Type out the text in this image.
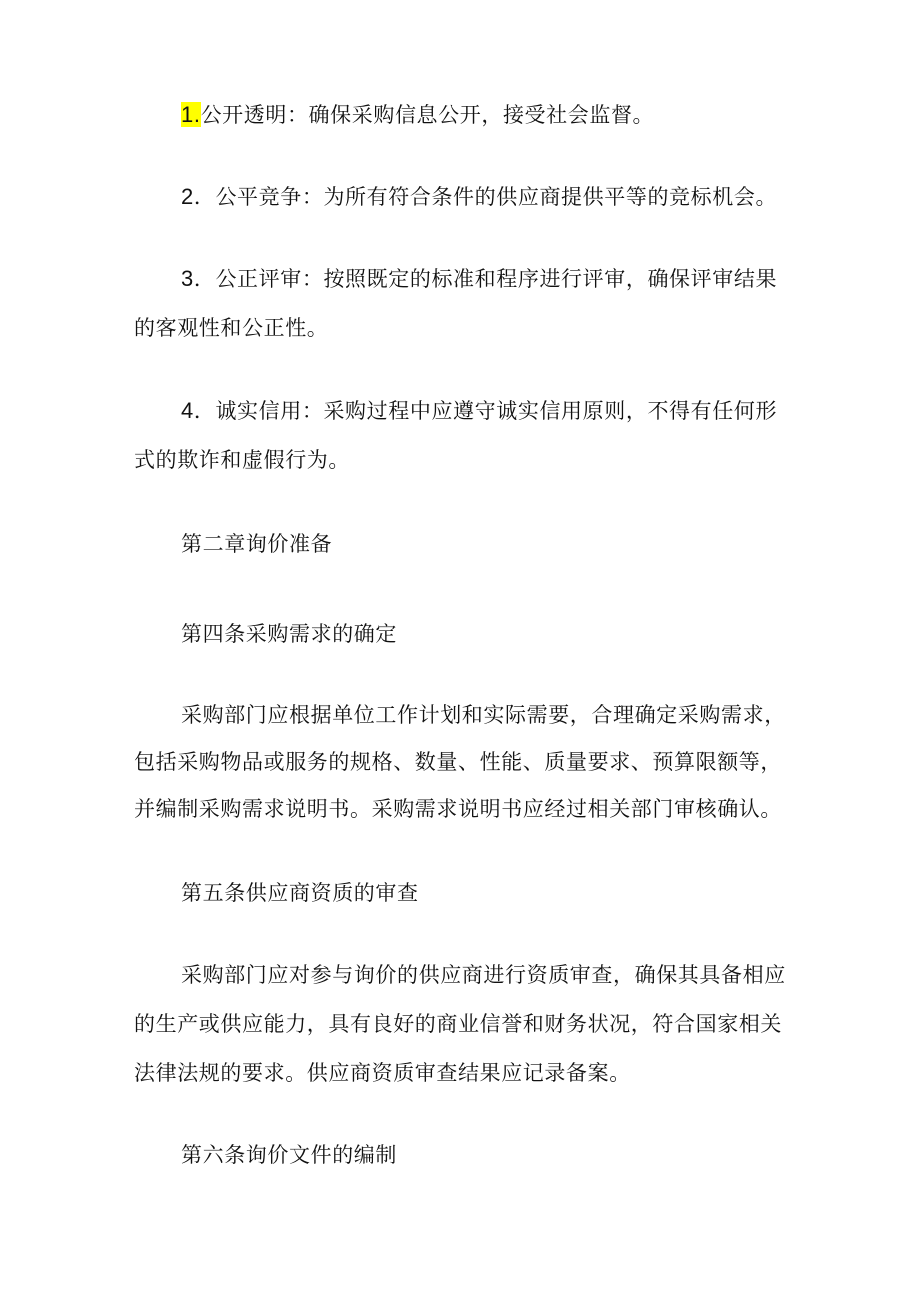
1.公开透明：确保采购信息公开，接受社会监督。
2．公平竞争：为所有符合条件的供应商提供平等的竞标机会。
3．公正评审：按照既定的标准和程序进行评审，确保评审结果
的客观性和公正性。
4．诚实信用：采购过程中应遵守诚实信用原则，不得有任何形
式的欺诈和虚假行为。
第二章询价准备
第四条采购需求的确定
采购部门应根据单位工作计划和实际需要，合理确定采购需求，
包括采购物品或服务的规格、数量、性能、质量要求、预算限额等，
并编制采购需求说明书。采购需求说明书应经过相关部门审核确认。
第五条供应商资质的审查
采购部门应对参与询价的供应商进行资质审查，确保其具备相应
的生产或供应能力，具有良好的商业信誉和财务状况，符合国家相关
法律法规的要求。供应商资质审查结果应记录备案。
第六条询价文件的编制
